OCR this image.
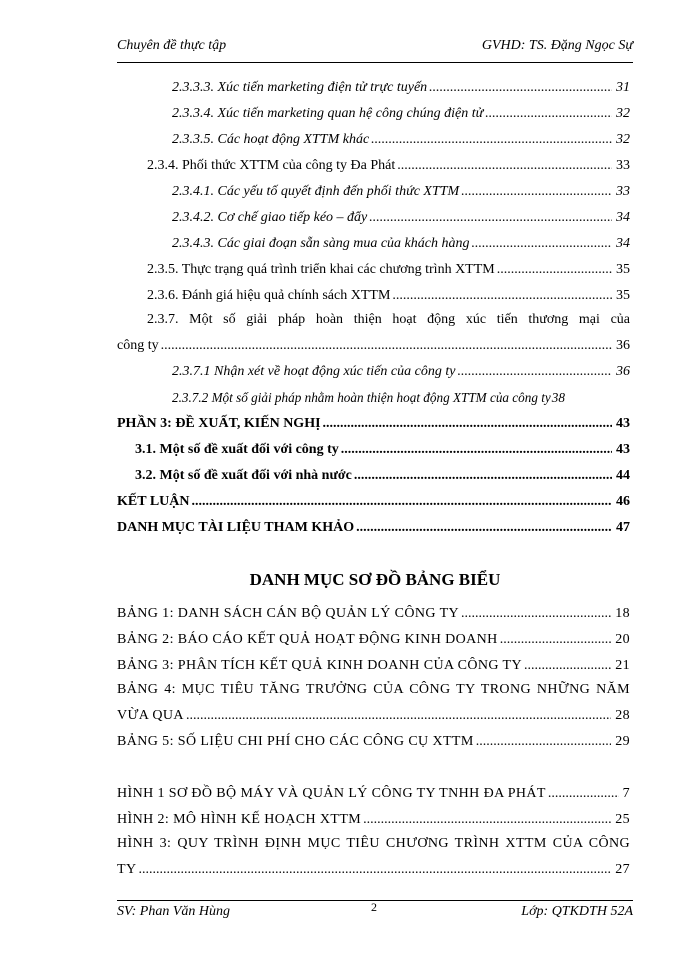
Chuyên đề thực tập	GVHD: TS. Đặng Ngọc Sự
2.3.3.3. Xúc tiến marketing điện tử trực tuyến .....	31
2.3.3.4. Xúc tiến marketing quan hệ công chúng điện tử .....	32
2.3.3.5. Các hoạt động XTTM khác .....	32
2.3.4. Phối thức XTTM của công ty Đa Phát .....	33
2.3.4.1. Các yếu tố quyết định đến phối thức XTTM .....	33
2.3.4.2. Cơ chế giao tiếp kéo – đẩy .....	34
2.3.4.3. Các giai đoạn sẵn sàng mua của khách hàng .....	34
2.3.5. Thực trạng quá trình triển khai các chương trình XTTM .....	35
2.3.6. Đánh giá hiệu quả chính sách XTTM .....	35
2.3.7. Một số giải pháp hoàn thiện hoạt động xúc tiến thương mại của
công ty .....	36
2.3.7.1 Nhận xét về hoạt động xúc tiến của công ty .....	36
2.3.7.2 Một số giải pháp nhằm hoàn thiện hoạt động XTTM của công ty 38
PHẦN 3: ĐỀ XUẤT, KIẾN NGHỊ .....	43
3.1. Một số đề xuất đối với công ty .....	43
3.2. Một số đề xuất đối với nhà nước .....	44
KẾT LUẬN .....	46
DANH MỤC TÀI LIỆU THAM KHẢO .....	47
DANH MỤC SƠ ĐỒ BẢNG BIỂU
BẢNG 1: DANH SÁCH CÁN BỘ QUẢN LÝ CÔNG TY .....	18
BẢNG 2: BÁO CÁO KẾT QUẢ HOẠT ĐỘNG KINH DOANH .....	20
BẢNG 3: PHÂN TÍCH KẾT QUẢ KINH DOANH CỦA CÔNG TY .....	21
BẢNG 4: MỤC TIÊU TĂNG TRƯỞNG CỦA CÔNG TY TRONG NHỮNG NĂM
VỪA QUA .....	28
BẢNG 5: SỐ LIỆU CHI PHÍ CHO CÁC CÔNG CỤ XTTM .....	29
HÌNH 1 SƠ ĐỒ BỘ MÁY VÀ QUẢN LÝ CÔNG TY TNHH ĐA PHÁT .....	7
HÌNH 2: MÔ HÌNH KẾ HOẠCH XTTM .....	25
HÌNH 3: QUY TRÌNH ĐỊNH MỤC TIÊU CHƯƠNG TRÌNH XTTM CỦA CÔNG
TY .....	27
SV: Phan Văn Hùng	2	Lớp: QTKDTH 52A
